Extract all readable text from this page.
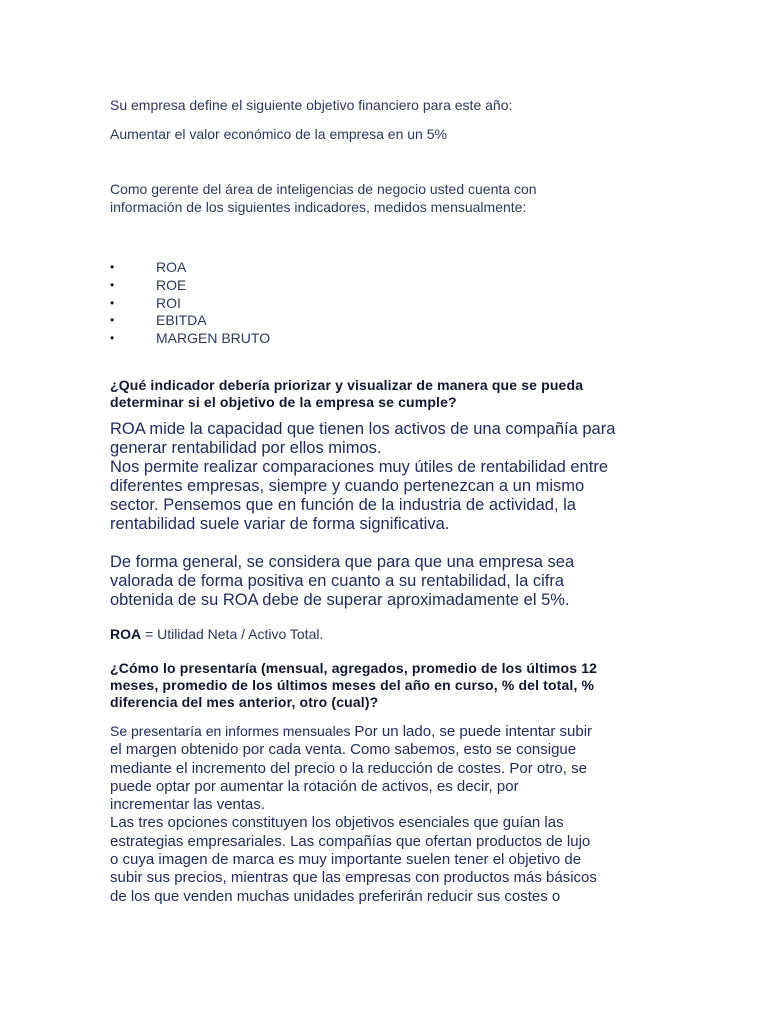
Su empresa define el siguiente objetivo financiero para este año:
Aumentar el valor económico de la empresa en un 5%
Como gerente del área de inteligencias de negocio usted cuenta con
información de los siguientes indicadores, medidos mensualmente:
•	ROA
•	ROE
•	ROI
•	EBITDA
•	MARGEN BRUTO
¿Qué indicador debería priorizar y visualizar de manera que se pueda
determinar si el objetivo de la empresa se cumple?
ROA mide la capacidad que tienen los activos de una compañía para
generar rentabilidad por ellos mimos.
Nos permite realizar comparaciones muy útiles de rentabilidad entre
diferentes empresas, siempre y cuando pertenezcan a un mismo
sector. Pensemos que en función de la industria de actividad, la
rentabilidad suele variar de forma significativa.
De forma general, se considera que para que una empresa sea
valorada de forma positiva en cuanto a su rentabilidad, la cifra
obtenida de su ROA debe de superar aproximadamente el 5%.
ROA = Utilidad Neta / Activo Total.
¿Cómo lo presentaría (mensual, agregados, promedio de los últimos 12
meses, promedio de los últimos meses del año en curso, % del total, %
diferencia del mes anterior, otro (cual)?
Se presentaría en informes mensuales Por un lado, se puede intentar subir
el margen obtenido por cada venta. Como sabemos, esto se consigue
mediante el incremento del precio o la reducción de costes. Por otro, se
puede optar por aumentar la rotación de activos, es decir, por
incrementar las ventas.
Las tres opciones constituyen los objetivos esenciales que guían las
estrategias empresariales. Las compañías que ofertan productos de lujo
o cuya imagen de marca es muy importante suelen tener el objetivo de
subir sus precios, mientras que las empresas con productos más básicos
de los que venden muchas unidades preferirán reducir sus costes o
